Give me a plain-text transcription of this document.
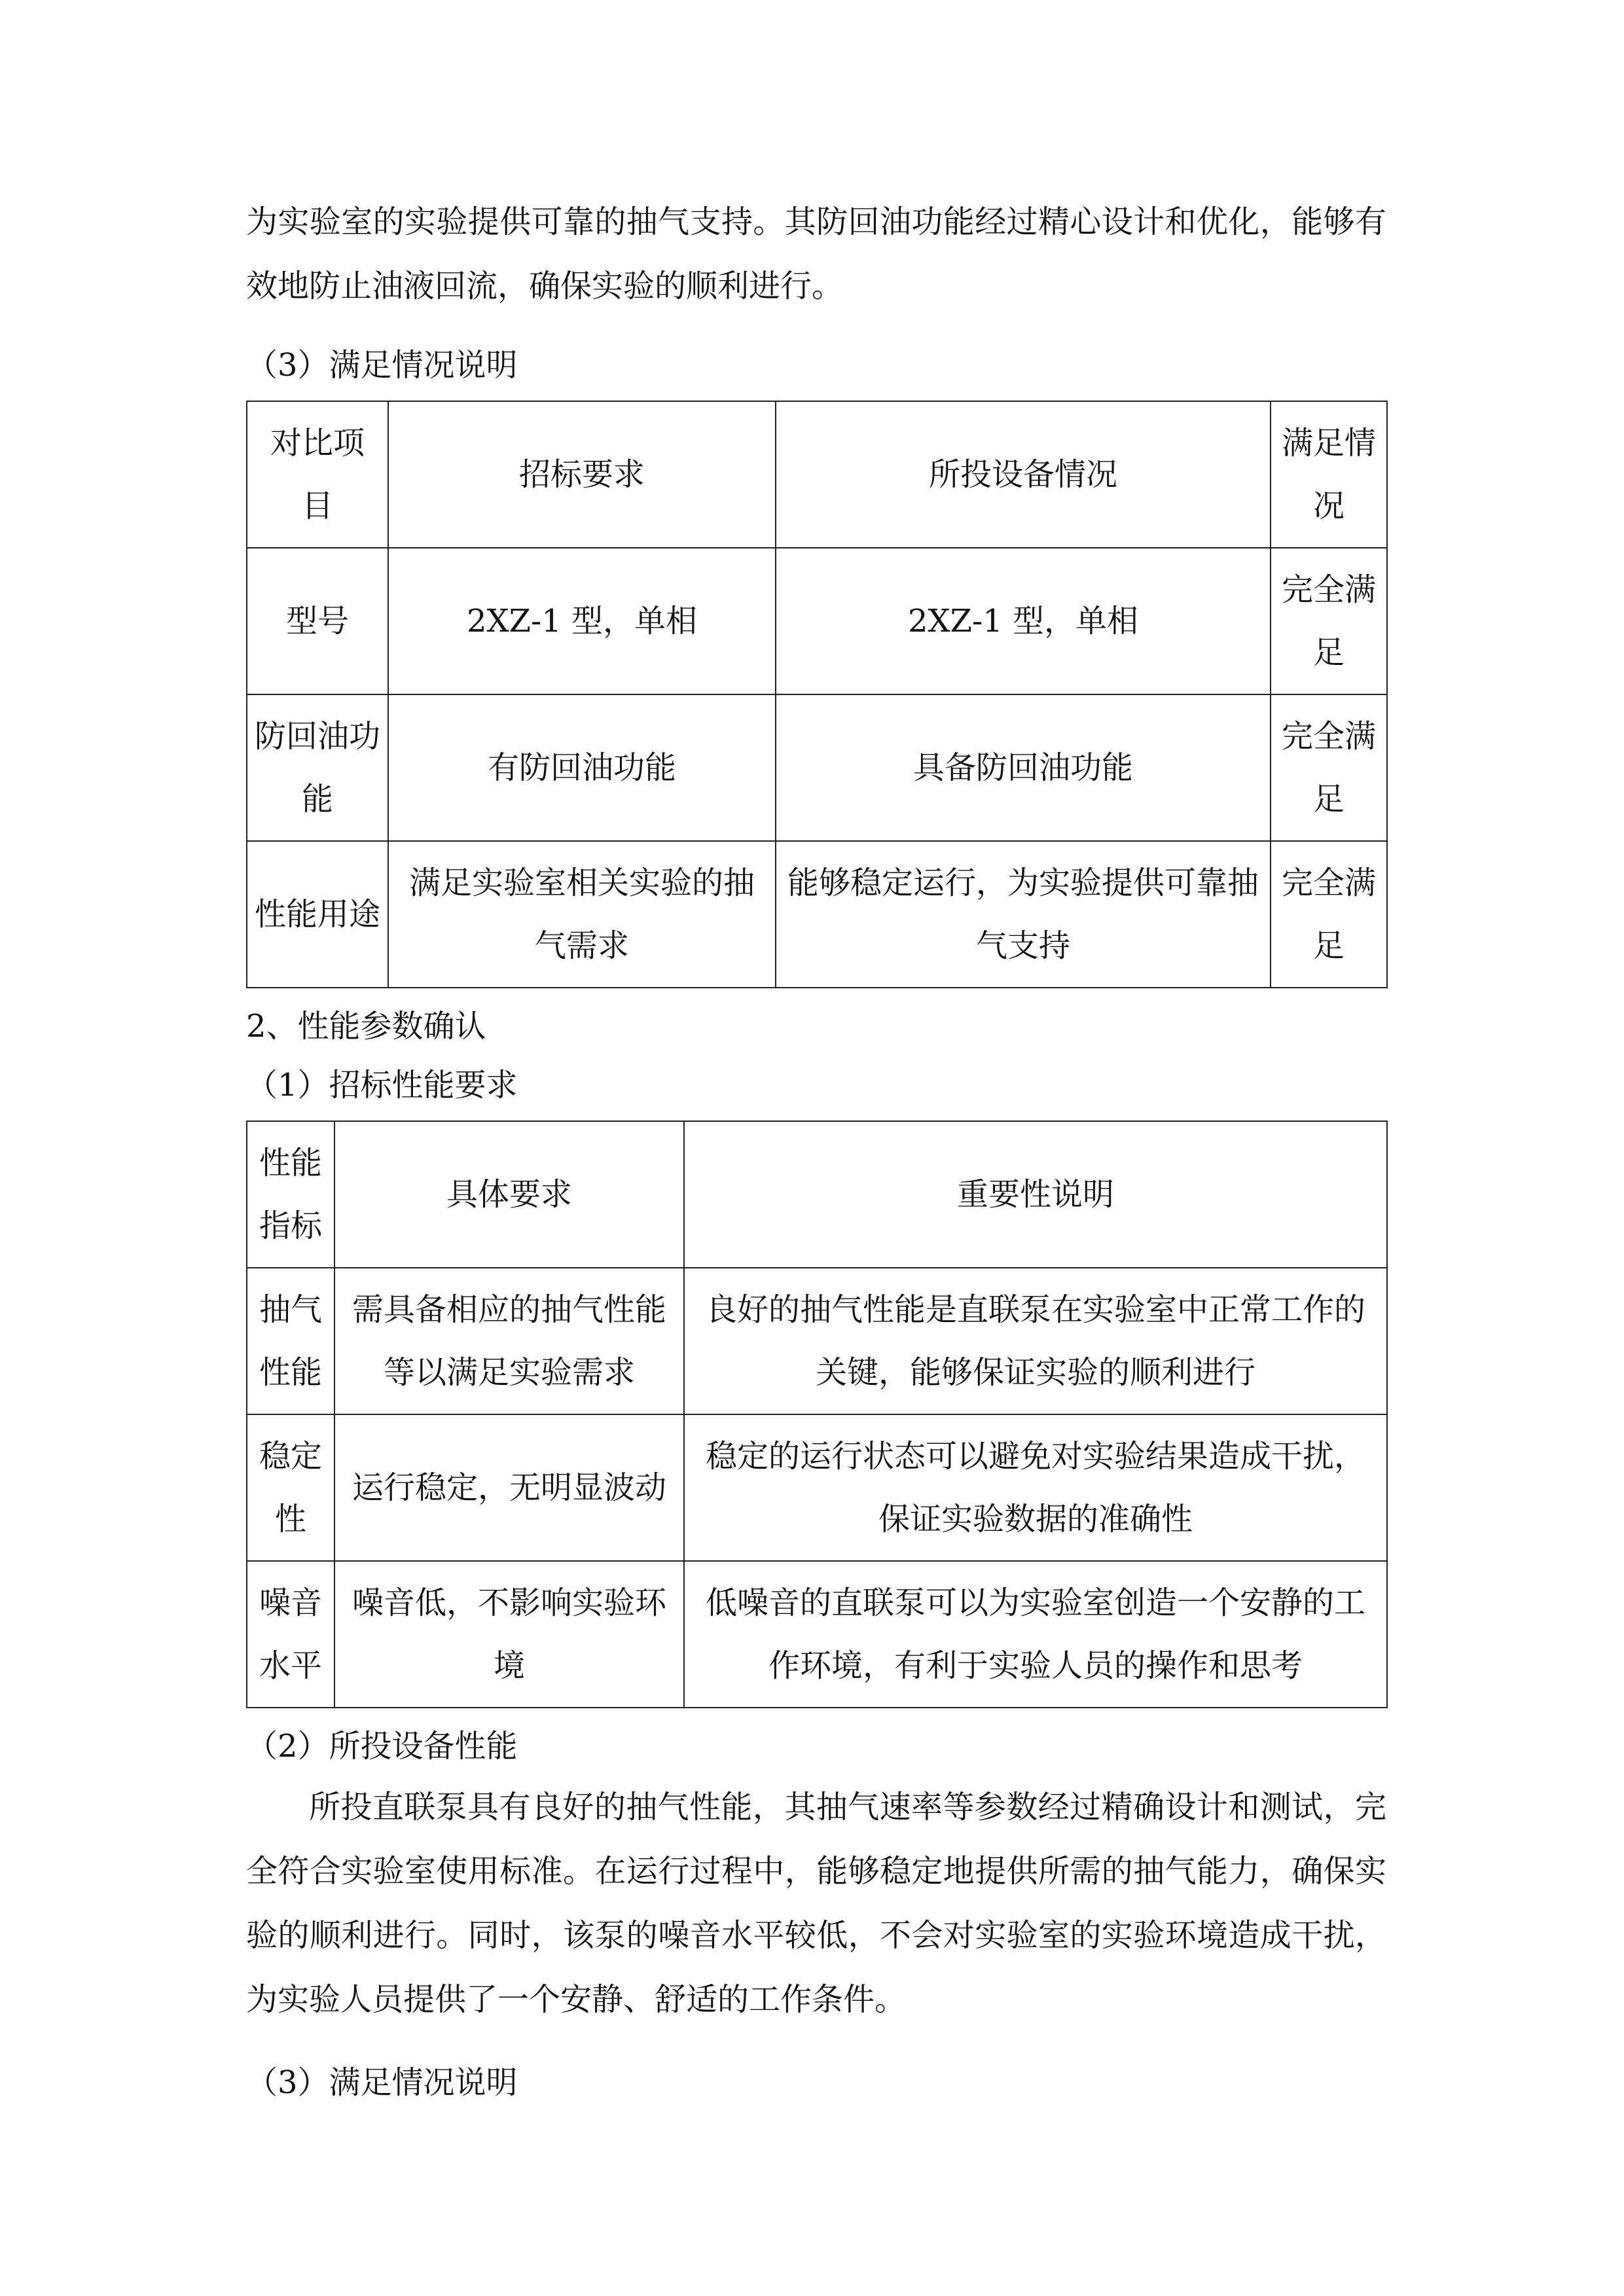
为实验室的实验提供可靠的抽气支持。其防回油功能经过精心设计和优化，能够有效地防止油液回流，确保实验的顺利进行。

（3）满足情况说明

对比项目	招标要求	所投设备情况	满足情况
型号	2XZ-1 型，单相	2XZ-1 型，单相	完全满足
防回油功能	有防回油功能	具备防回油功能	完全满足
性能用途	满足实验室相关实验的抽气需求	能够稳定运行，为实验提供可靠抽气支持	完全满足

2、性能参数确认

（1）招标性能要求

性能指标	具体要求	重要性说明
抽气性能	需具备相应的抽气性能等以满足实验需求	良好的抽气性能是直联泵在实验室中正常工作的关键，能够保证实验的顺利进行
稳定性	运行稳定，无明显波动	稳定的运行状态可以避免对实验结果造成干扰，保证实验数据的准确性
噪音水平	噪音低，不影响实验环境	低噪音的直联泵可以为实验室创造一个安静的工作环境，有利于实验人员的操作和思考

（2）所投设备性能

所投直联泵具有良好的抽气性能，其抽气速率等参数经过精确设计和测试，完全符合实验室使用标准。在运行过程中，能够稳定地提供所需的抽气能力，确保实验的顺利进行。同时，该泵的噪音水平较低，不会对实验室的实验环境造成干扰，为实验人员提供了一个安静、舒适的工作条件。

（3）满足情况说明
